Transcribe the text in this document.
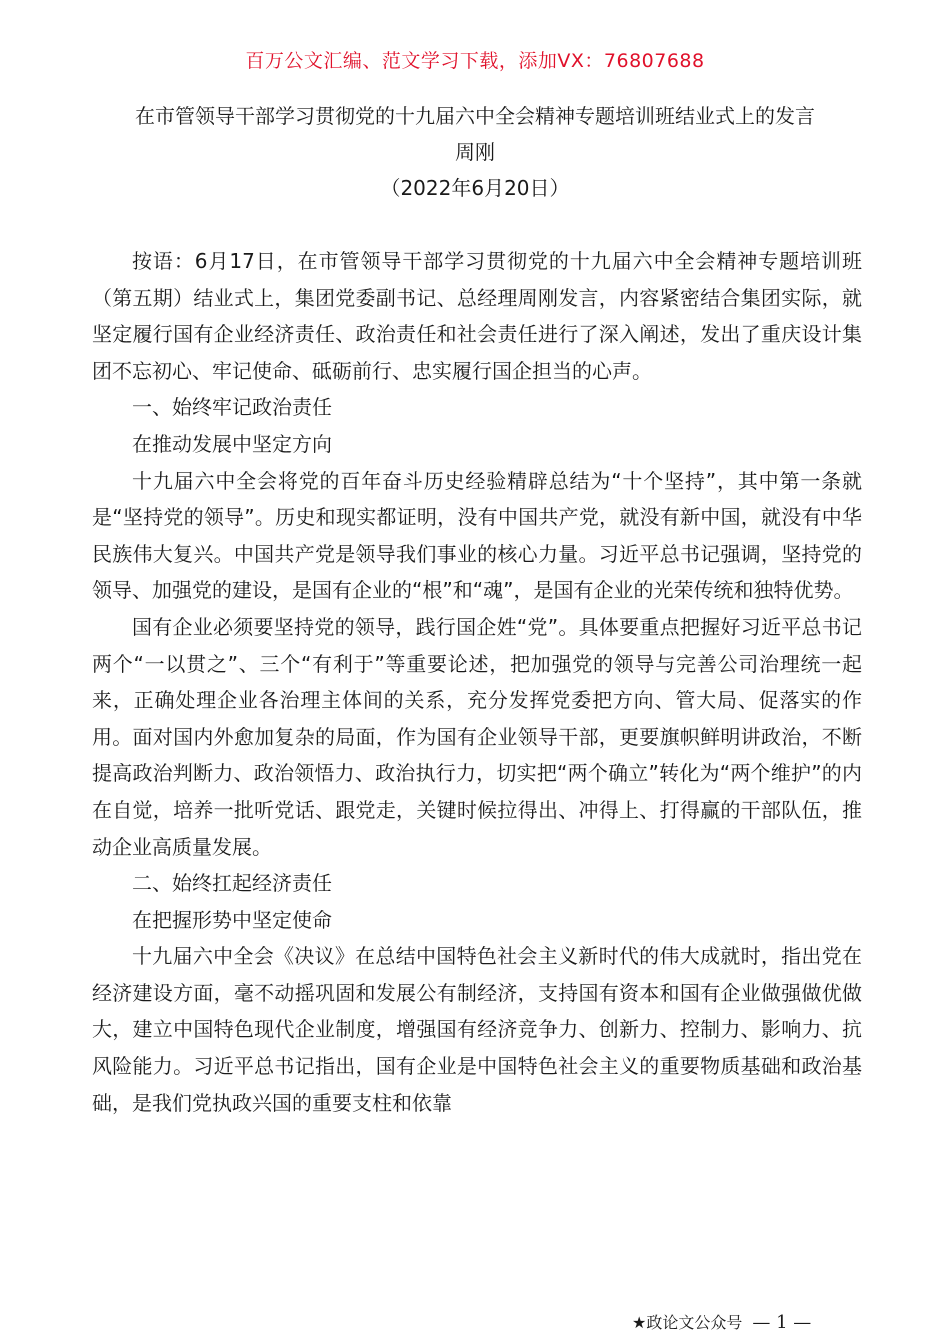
百万公文汇编、范文学习下载，添加VX：76807688
在市管领导干部学习贯彻党的十九届六中全会精神专题培训班结业式上的发言
周刚
（2022年6月20日）

按语：6月17日，在市管领导干部学习贯彻党的十九届六中全会精神专题培训班（第五期）结业式上，集团党委副书记、总经理周刚发言，内容紧密结合集团实际，就坚定履行国有企业经济责任、政治责任和社会责任进行了深入阐述，发出了重庆设计集团不忘初心、牢记使命、砥砺前行、忠实履行国企担当的心声。

一、始终牢记政治责任

在推动发展中坚定方向

十九届六中全会将党的百年奋斗历史经验精辟总结为“十个坚持”，其中第一条就是“坚持党的领导”。历史和现实都证明，没有中国共产党，就没有新中国，就没有中华民族伟大复兴。中国共产党是领导我们事业的核心力量。习近平总书记强调，坚持党的领导、加强党的建设，是国有企业的“根”和“魂”，是国有企业的光荣传统和独特优势。

国有企业必须要坚持党的领导，践行国企姓“党”。具体要重点把握好习近平总书记两个“一以贯之”、三个“有利于”等重要论述，把加强党的领导与完善公司治理统一起来，正确处理企业各治理主体间的关系，充分发挥党委把方向、管大局、促落实的作用。面对国内外愈加复杂的局面，作为国有企业领导干部，更要旗帜鲜明讲政治，不断提高政治判断力、政治领悟力、政治执行力，切实把“两个确立”转化为“两个维护”的内在自觉，培养一批听党话、跟党走，关键时候拉得出、冲得上、打得赢的干部队伍，推动企业高质量发展。

二、始终扛起经济责任

在把握形势中坚定使命

十九届六中全会《决议》在总结中国特色社会主义新时代的伟大成就时，指出党在经济建设方面，毫不动摇巩固和发展公有制经济，支持国有资本和国有企业做强做优做大，建立中国特色现代企业制度，增强国有经济竞争力、创新力、控制力、影响力、抗风险能力。习近平总书记指出，国有企业是中国特色社会主义的重要物质基础和政治基础，是我们党执政兴国的重要支柱和依靠

★政论文公众号 — 1 —
